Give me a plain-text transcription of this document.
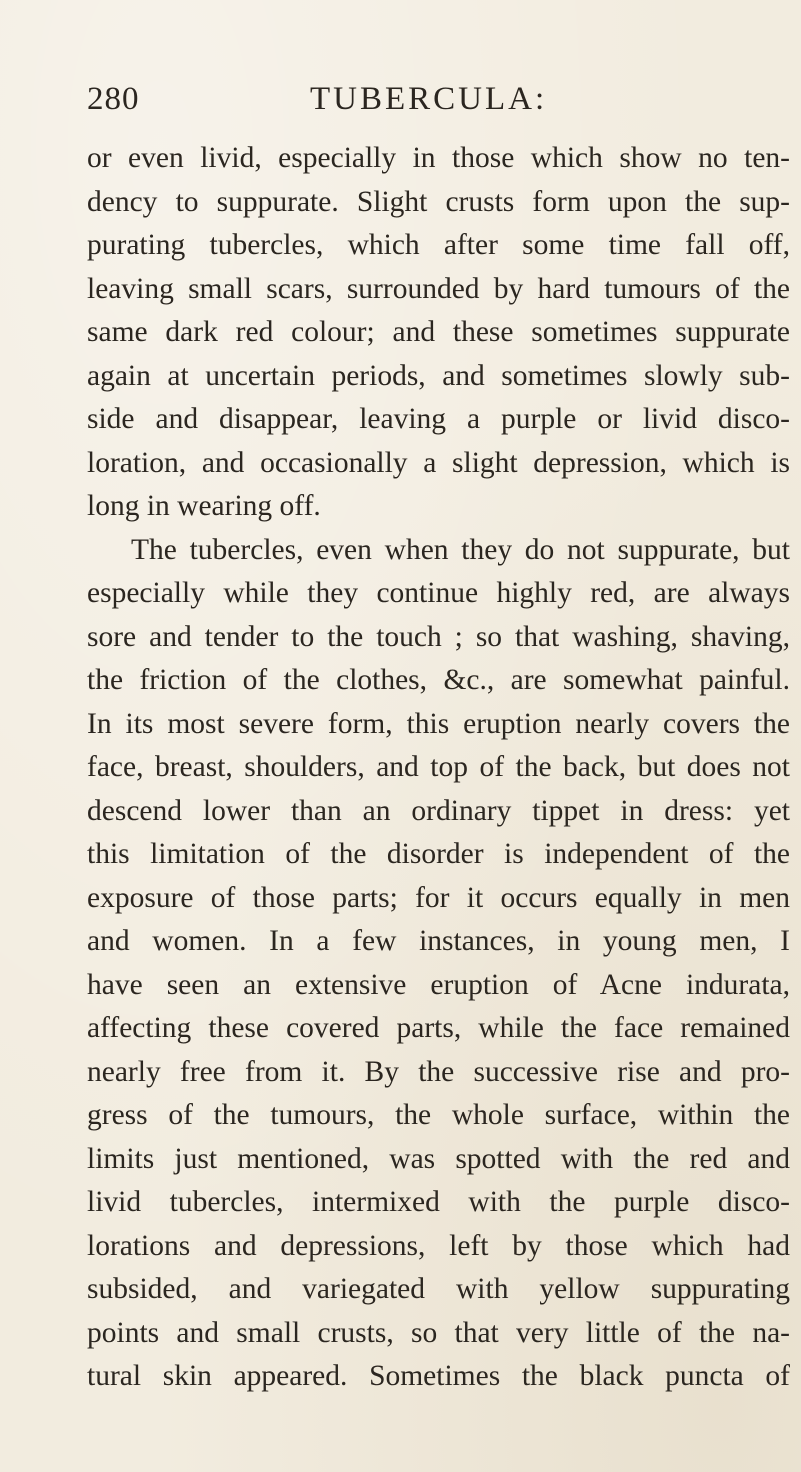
280	TUBERCULA:
or even livid, especially in those which show no ten-
dency to suppurate. Slight crusts form upon the sup-
purating tubercles, which after some time fall off,
leaving small scars, surrounded by hard tumours of the
same dark red colour; and these sometimes suppurate
again at uncertain periods, and sometimes slowly sub-
side and disappear, leaving a purple or livid disco-
loration, and occasionally a slight depression, which is
long in wearing off.
The tubercles, even when they do not suppurate, but
especially while they continue highly red, are always
sore and tender to the touch ; so that washing, shaving,
the friction of the clothes, &c., are somewhat painful.
In its most severe form, this eruption nearly covers the
face, breast, shoulders, and top of the back, but does not
descend lower than an ordinary tippet in dress: yet
this limitation of the disorder is independent of the
exposure of those parts; for it occurs equally in men
and women. In a few instances, in young men, I
have seen an extensive eruption of Acne indurata,
affecting these covered parts, while the face remained
nearly free from it. By the successive rise and pro-
gress of the tumours, the whole surface, within the
limits just mentioned, was spotted with the red and
livid tubercles, intermixed with the purple disco-
lorations and depressions, left by those which had
subsided, and variegated with yellow suppurating
points and small crusts, so that very little of the na-
tural skin appeared. Sometimes the black puncta of
